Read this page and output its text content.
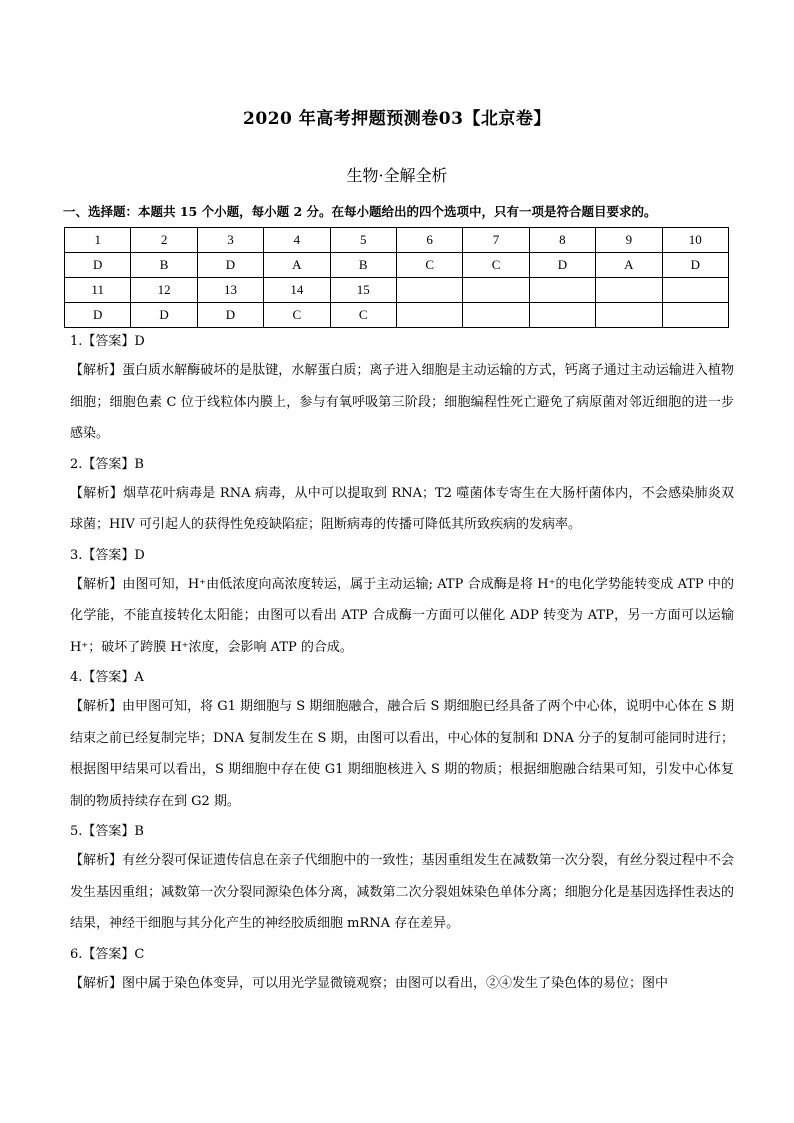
2020 年高考押题预测卷03【北京卷】
生物·全解全析
一、选择题：本题共 15 个小题，每小题 2 分。在每小题给出的四个选项中，只有一项是符合题目要求的。
1	2	3	4	5	6	7	8	9	10
D	B	D	A	B	C	C	D	A	D
11	12	13	14	15					
D	D	D	C	C					
1.【答案】D
【解析】蛋白质水解酶破坏的是肽键，水解蛋白质；离子进入细胞是主动运输的方式，钙离子通过主动运输进入植物细胞；细胞色素 C 位于线粒体内膜上，参与有氧呼吸第三阶段；细胞编程性死亡避免了病原菌对邻近细胞的进一步感染。
2.【答案】B
【解析】烟草花叶病毒是 RNA 病毒，从中可以提取到 RNA；T2 噬菌体专寄生在大肠杆菌体内，不会感染肺炎双球菌；HIV 可引起人的获得性免疫缺陷症；阻断病毒的传播可降低其所致疾病的发病率。
3.【答案】D
【解析】由图可知，H⁺由低浓度向高浓度转运，属于主动运输; ATP 合成酶是将 H⁺的电化学势能转变成 ATP 中的化学能，不能直接转化太阳能；由图可以看出 ATP 合成酶一方面可以催化 ADP 转变为 ATP，另一方面可以运输 H⁺；破坏了跨膜 H⁺浓度，会影响 ATP 的合成。
4.【答案】A
【解析】由甲图可知，将 G1 期细胞与 S 期细胞融合，融合后 S 期细胞已经具备了两个中心体，说明中心体在 S 期结束之前已经复制完毕；DNA 复制发生在 S 期，由图可以看出，中心体的复制和 DNA 分子的复制可能同时进行；根据图甲结果可以看出，S 期细胞中存在使 G1 期细胞核进入 S 期的物质；根据细胞融合结果可知，引发中心体复制的物质持续存在到 G2 期。
5.【答案】B
【解析】有丝分裂可保证遗传信息在亲子代细胞中的一致性；基因重组发生在减数第一次分裂，有丝分裂过程中不会发生基因重组；减数第一次分裂同源染色体分离，减数第二次分裂姐妹染色单体分离；细胞分化是基因选择性表达的结果，神经干细胞与其分化产生的神经胶质细胞 mRNA 存在差异。
6.【答案】C
【解析】图中属于染色体变异，可以用光学显微镜观察；由图可以看出，②④发生了染色体的易位；图中
